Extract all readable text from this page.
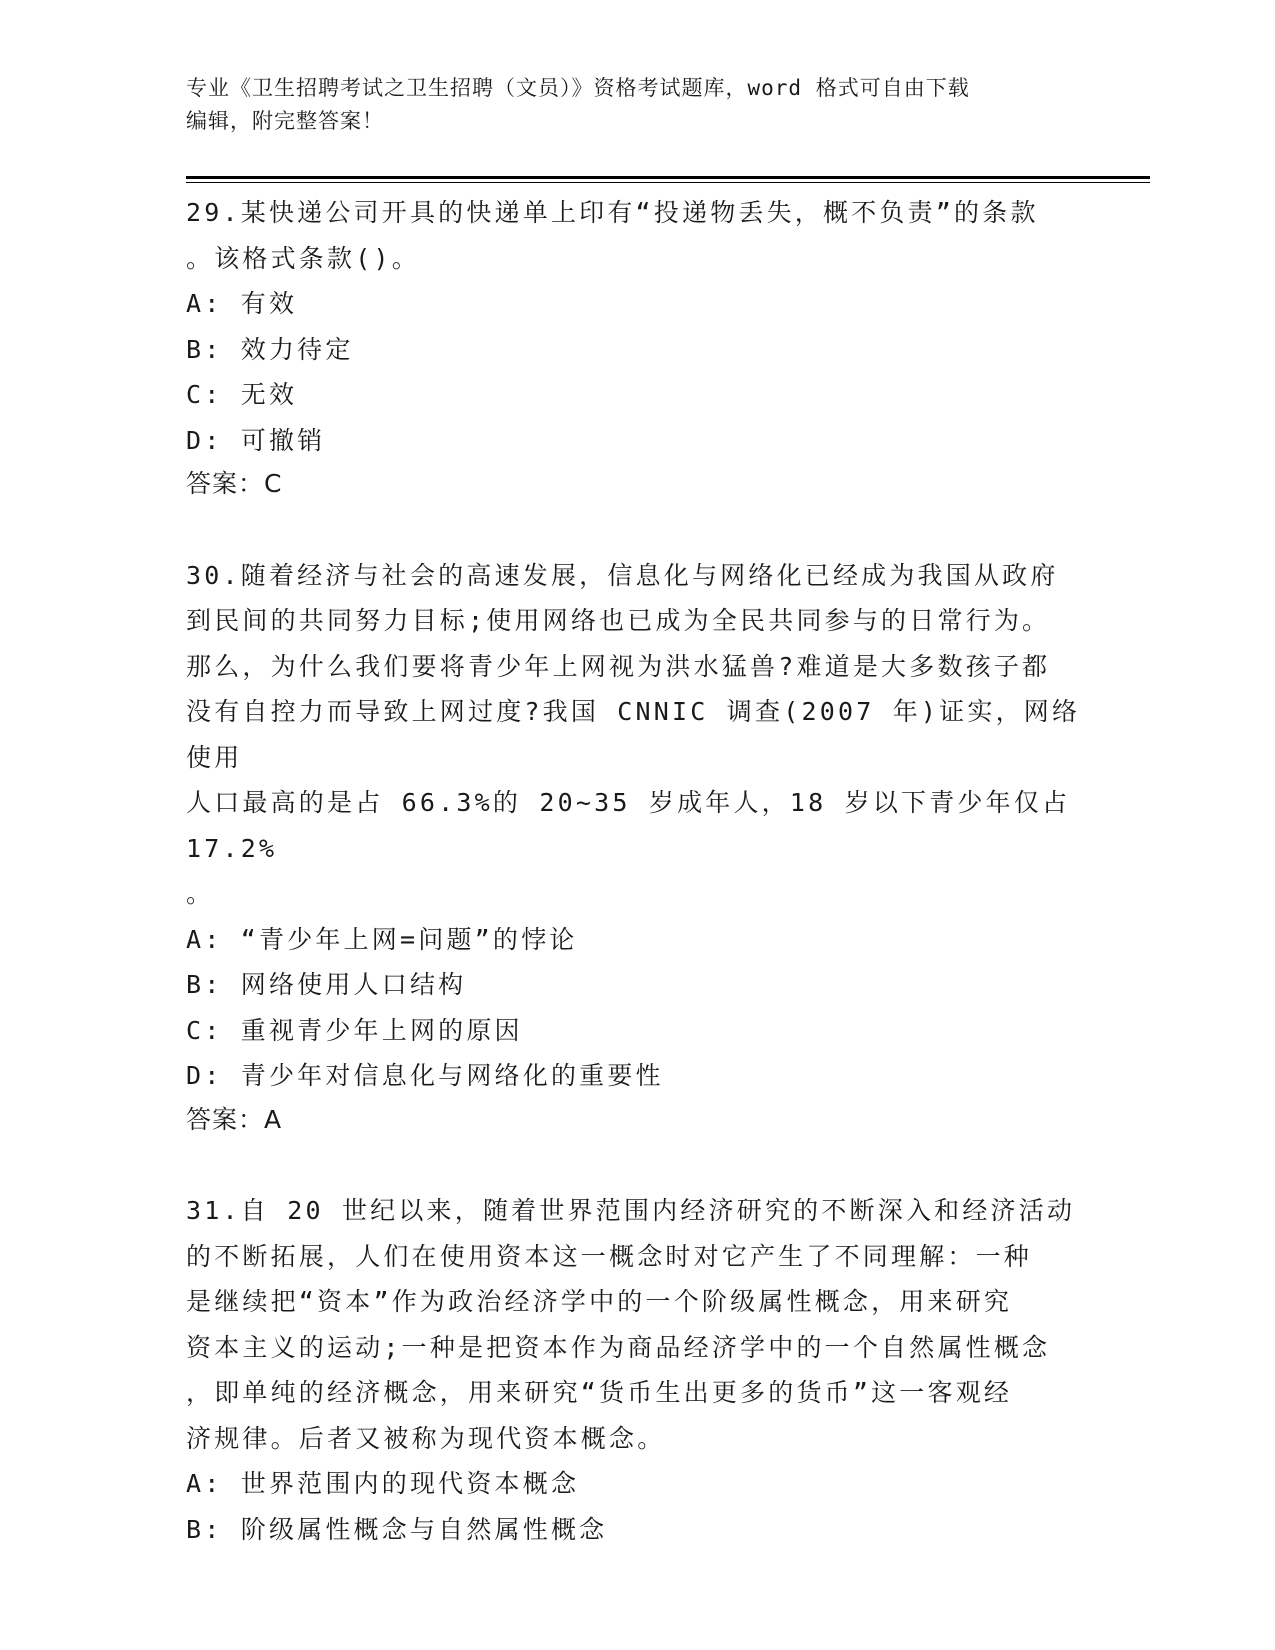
专业《卫生招聘考试之卫生招聘（文员）》资格考试题库，word 格式可自由下载
编辑，附完整答案！
29.某快递公司开具的快递单上印有“投递物丢失，概不负责”的条款
。该格式条款()。
A: 有效
B: 效力待定
C: 无效
D: 可撤销
答案：C
30.随着经济与社会的高速发展，信息化与网络化已经成为我国从政府
到民间的共同努力目标;使用网络也已成为全民共同参与的日常行为。
那么，为什么我们要将青少年上网视为洪水猛兽?难道是大多数孩子都
没有自控力而导致上网过度?我国 CNNIC 调查(2007 年)证实，网络使用
人口最高的是占 66.3%的 20~35 岁成年人，18 岁以下青少年仅占 17.2%
。
A: “青少年上网=问题”的悖论
B: 网络使用人口结构
C: 重视青少年上网的原因
D: 青少年对信息化与网络化的重要性
答案：A
31.自 20 世纪以来，随着世界范围内经济研究的不断深入和经济活动
的不断拓展，人们在使用资本这一概念时对它产生了不同理解：一种
是继续把“资本”作为政治经济学中的一个阶级属性概念，用来研究
资本主义的运动;一种是把资本作为商品经济学中的一个自然属性概念
，即单纯的经济概念，用来研究“货币生出更多的货币”这一客观经
济规律。后者又被称为现代资本概念。
A: 世界范围内的现代资本概念
B: 阶级属性概念与自然属性概念
